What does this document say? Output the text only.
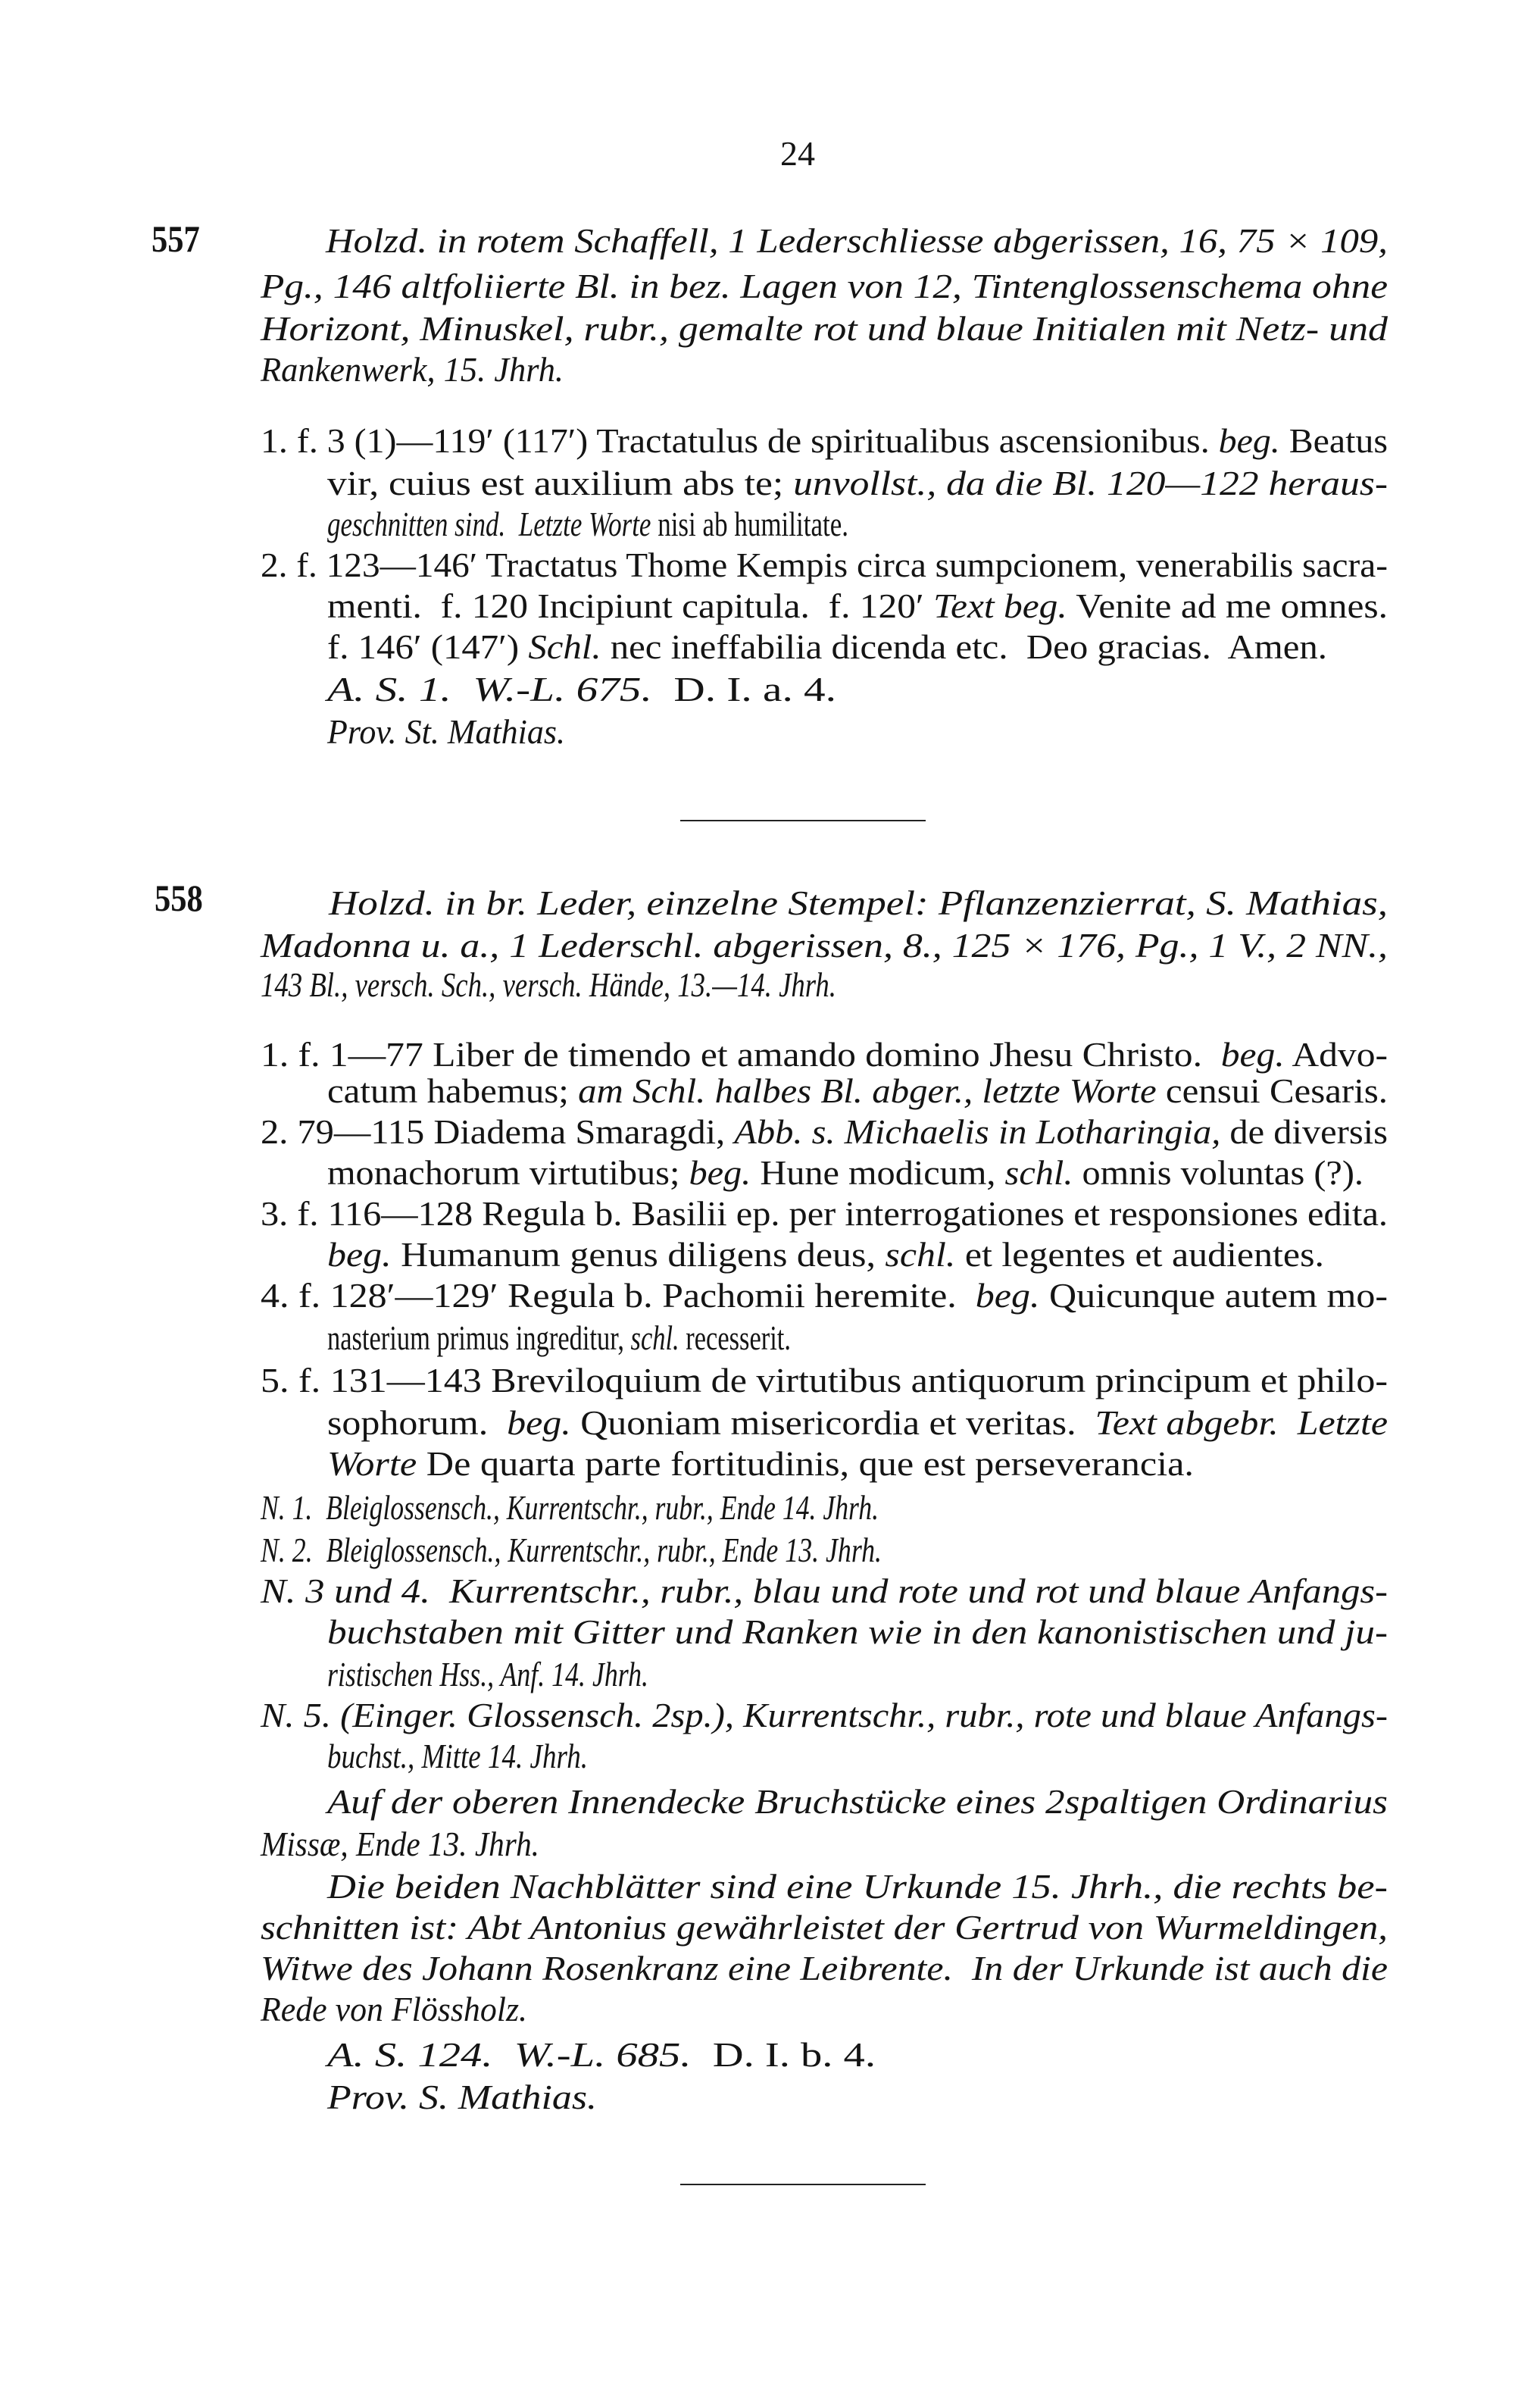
24
557	Holzd. in rotem Schaffell, 1 Lederschliesse abgerissen, 16, 75 × 109,
Pg., 146 altfoliierte Bl. in bez. Lagen von 12, Tintenglossenschema ohne
Horizont, Minuskel, rubr., gemalte rot und blaue Initialen mit Netz- und
Rankenwerk, 15. Jhrh.
1. f. 3 (1)—119′ (117′) Tractatulus de spiritualibus ascensionibus. beg. Beatus
vir, cuius est auxilium abs te; unvollst., da die Bl. 120—122 heraus-
geschnitten sind.  Letzte Worte nisi ab humilitate.
2. f. 123—146′ Tractatus Thome Kempis circa sumpcionem, venerabilis sacra-
menti.  f. 120 Incipiunt capitula.  f. 120′ Text beg. Venite ad me omnes.
f. 146′ (147′) Schl. nec ineffabilia dicenda etc.  Deo gracias.  Amen.
A. S. 1.  W.-L. 675.  D. I. a. 4.
Prov. St. Mathias.
558	Holzd. in br. Leder, einzelne Stempel: Pflanzenzierrat, S. Mathias,
Madonna u. a., 1 Lederschl. abgerissen, 8., 125 × 176, Pg., 1 V., 2 NN.,
143 Bl., versch. Sch., versch. Hände, 13.—14. Jhrh.
1. f. 1—77 Liber de timendo et amando domino Jhesu Christo.  beg. Advo-
catum habemus; am Schl. halbes Bl. abger., letzte Worte censui Cesaris.
2. 79—115 Diadema Smaragdi, Abb. s. Michaelis in Lotharingia, de diversis
monachorum virtutibus; beg. Hune modicum, schl. omnis voluntas (?).
3. f. 116—128 Regula b. Basilii ep. per interrogationes et responsiones edita.
beg. Humanum genus diligens deus, schl. et legentes et audientes.
4. f. 128′—129′ Regula b. Pachomii heremite.  beg. Quicunque autem mo-
nasterium primus ingreditur, schl. recesserit.
5. f. 131—143 Breviloquium de virtutibus antiquorum principum et philo-
sophorum.  beg. Quoniam misericordia et veritas.  Text abgebr.  Letzte
Worte De quarta parte fortitudinis, que est perseverancia.
N. 1.  Bleiglossensch., Kurrentschr., rubr., Ende 14. Jhrh.
N. 2.  Bleiglossensch., Kurrentschr., rubr., Ende 13. Jhrh.
N. 3 und 4.  Kurrentschr., rubr., blau und rote und rot und blaue Anfangs-
buchstaben mit Gitter und Ranken wie in den kanonistischen und ju-
ristischen Hss., Anf. 14. Jhrh.
N. 5. (Einger. Glossensch. 2sp.), Kurrentschr., rubr., rote und blaue Anfangs-
buchst., Mitte 14. Jhrh.
Auf der oberen Innendecke Bruchstücke eines 2spaltigen Ordinarius
Missæ, Ende 13. Jhrh.
Die beiden Nachblätter sind eine Urkunde 15. Jhrh., die rechts be-
schnitten ist: Abt Antonius gewährleistet der Gertrud von Wurmeldingen,
Witwe des Johann Rosenkranz eine Leibrente.  In der Urkunde ist auch die
Rede von Flössholz.
A. S. 124.  W.-L. 685.  D. I. b. 4.
Prov. S. Mathias.
